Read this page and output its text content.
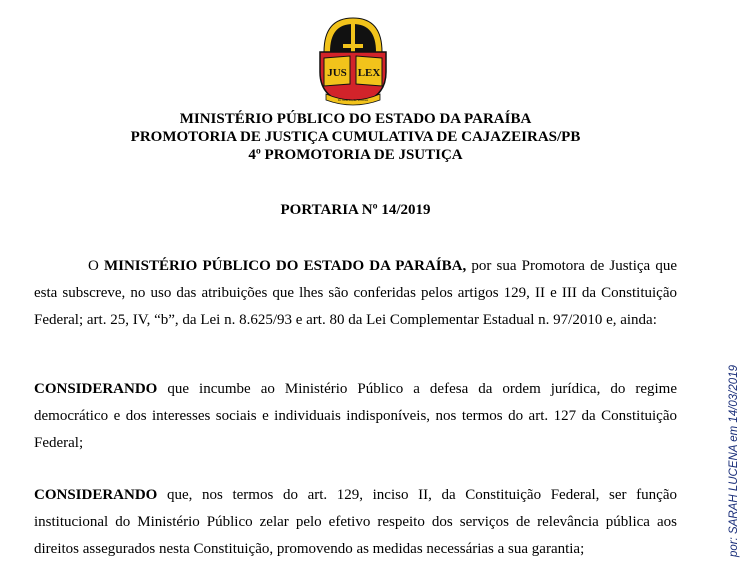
JUS LEX
In Judicio, In Veritate
MINISTÉRIO PÚBLICO DO ESTADO DA PARAÍBA
PROMOTORIA DE JUSTIÇA CUMULATIVA DE CAJAZEIRAS/PB
4º PROMOTORIA DE JSUTIÇA
PORTARIA Nº 14/2019

O MINISTÉRIO PÚBLICO DO ESTADO DA PARAÍBA, por sua Promotora de Justiça que esta subscreve, no uso das atribuições que lhes são conferidas pelos artigos 129, II e III da Constituição Federal; art. 25, IV, “b”, da Lei n. 8.625/93 e art. 80 da Lei Complementar Estadual n. 97/2010 e, ainda:

CONSIDERANDO que incumbe ao Ministério Público a defesa da ordem jurídica, do regime democrático e dos interesses sociais e individuais indisponíveis, nos termos do art. 127 da Constituição Federal;

CONSIDERANDO que, nos termos do art. 129, inciso II, da Constituição Federal, ser função institucional do Ministério Público zelar pelo efetivo respeito dos serviços de relevância pública aos direitos assegurados nesta Constituição, promovendo as medidas necessárias a sua garantia;	por: SARAH LUCENA em 14/03/2019
